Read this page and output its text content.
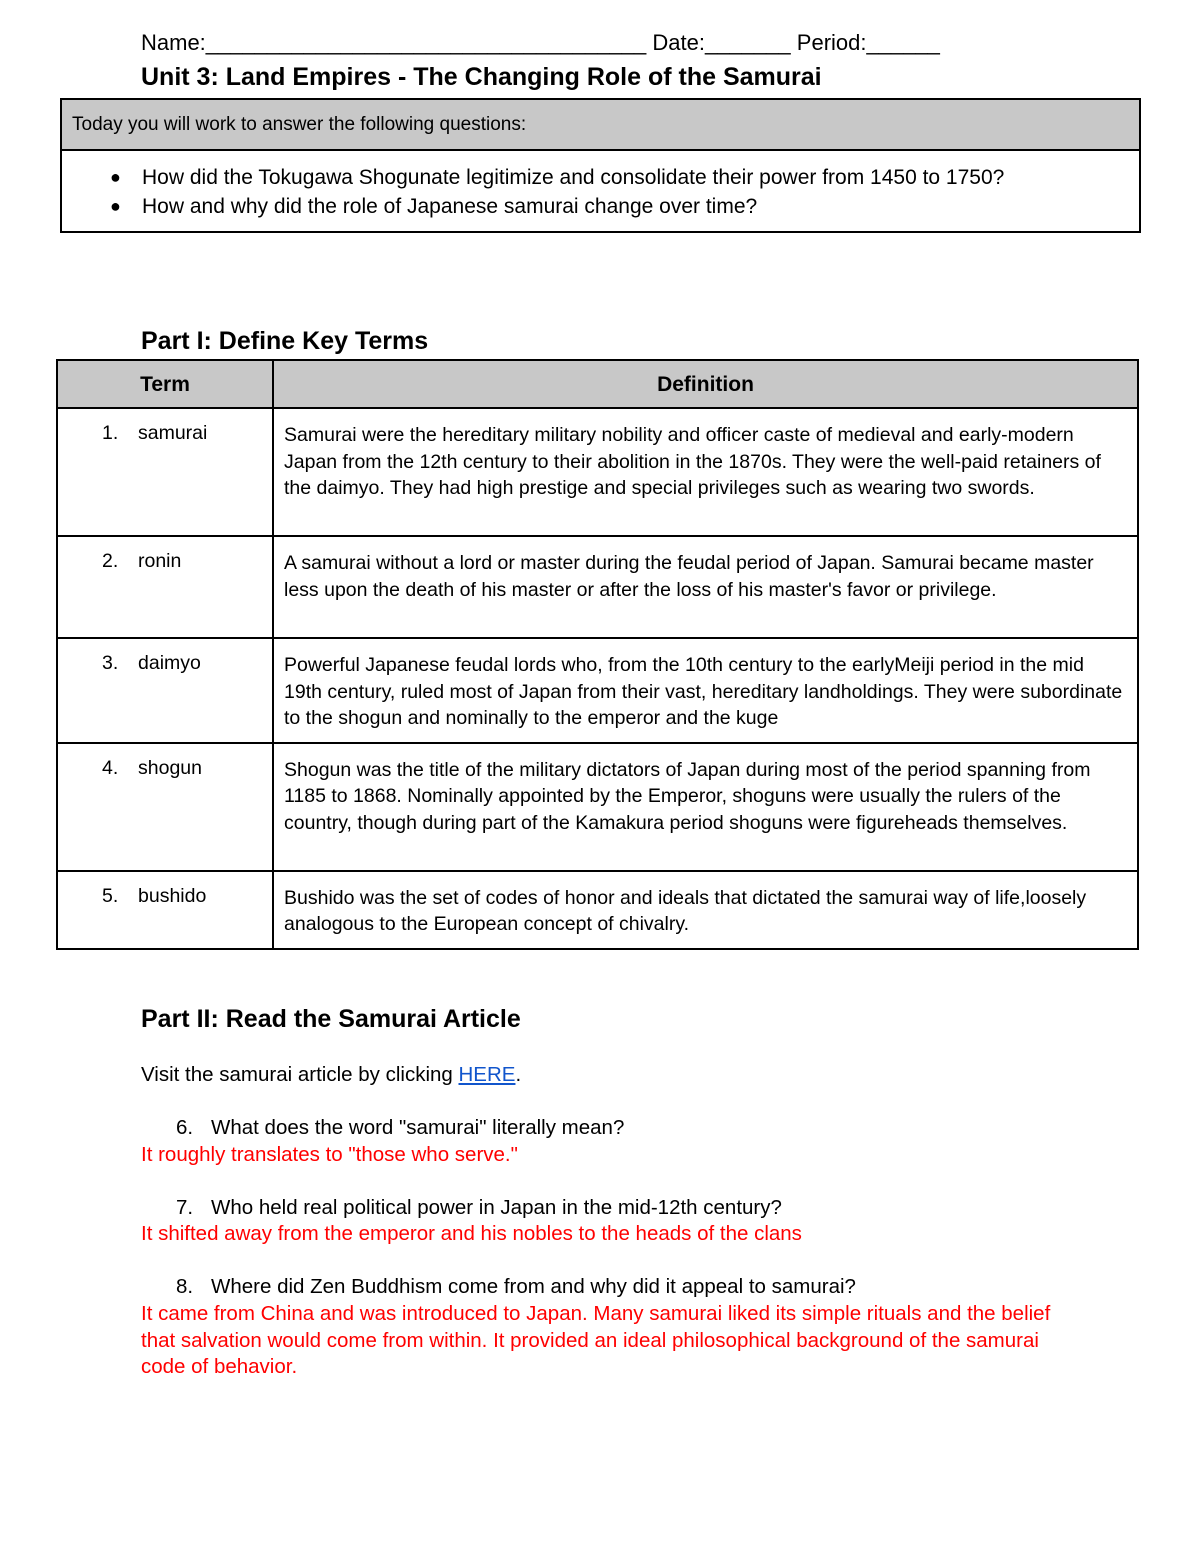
Name:____________________________________ Date:_______ Period:______
Unit 3: Land Empires - The Changing Role of the Samurai
Today you will work to answer the following questions:
● How did the Tokugawa Shogunate legitimize and consolidate their power from 1450 to 1750?
● How and why did the role of Japanese samurai change over time?
Part I: Define Key Terms
Term	Definition
1. samurai	Samurai were the hereditary military nobility and officer caste of medieval and early-modern Japan from the 12th century to their abolition in the 1870s. They were the well-paid retainers of the daimyo. They had high prestige and special privileges such as wearing two swords.
2. ronin	A samurai without a lord or master during the feudal period of Japan. Samurai became master less upon the death of his master or after the loss of his master's favor or privilege.
3. daimyo	Powerful Japanese feudal lords who, from the 10th century to the earlyMeiji period in the mid 19th century, ruled most of Japan from their vast, hereditary landholdings. They were subordinate to the shogun and nominally to the emperor and the kuge
4. shogun	Shogun was the title of the military dictators of Japan during most of the period spanning from 1185 to 1868. Nominally appointed by the Emperor, shoguns were usually the rulers of the country, though during part of the Kamakura period shoguns were figureheads themselves.
5. bushido	Bushido was the set of codes of honor and ideals that dictated the samurai way of life,loosely analogous to the European concept of chivalry.
Part II: Read the Samurai Article
Visit the samurai article by clicking HERE.
6. What does the word "samurai" literally mean?
It roughly translates to "those who serve."
7. Who held real political power in Japan in the mid-12th century?
It shifted away from the emperor and his nobles to the heads of the clans
8. Where did Zen Buddhism come from and why did it appeal to samurai?
It came from China and was introduced to Japan. Many samurai liked its simple rituals and the belief that salvation would come from within. It provided an ideal philosophical background of the samurai code of behavior.
